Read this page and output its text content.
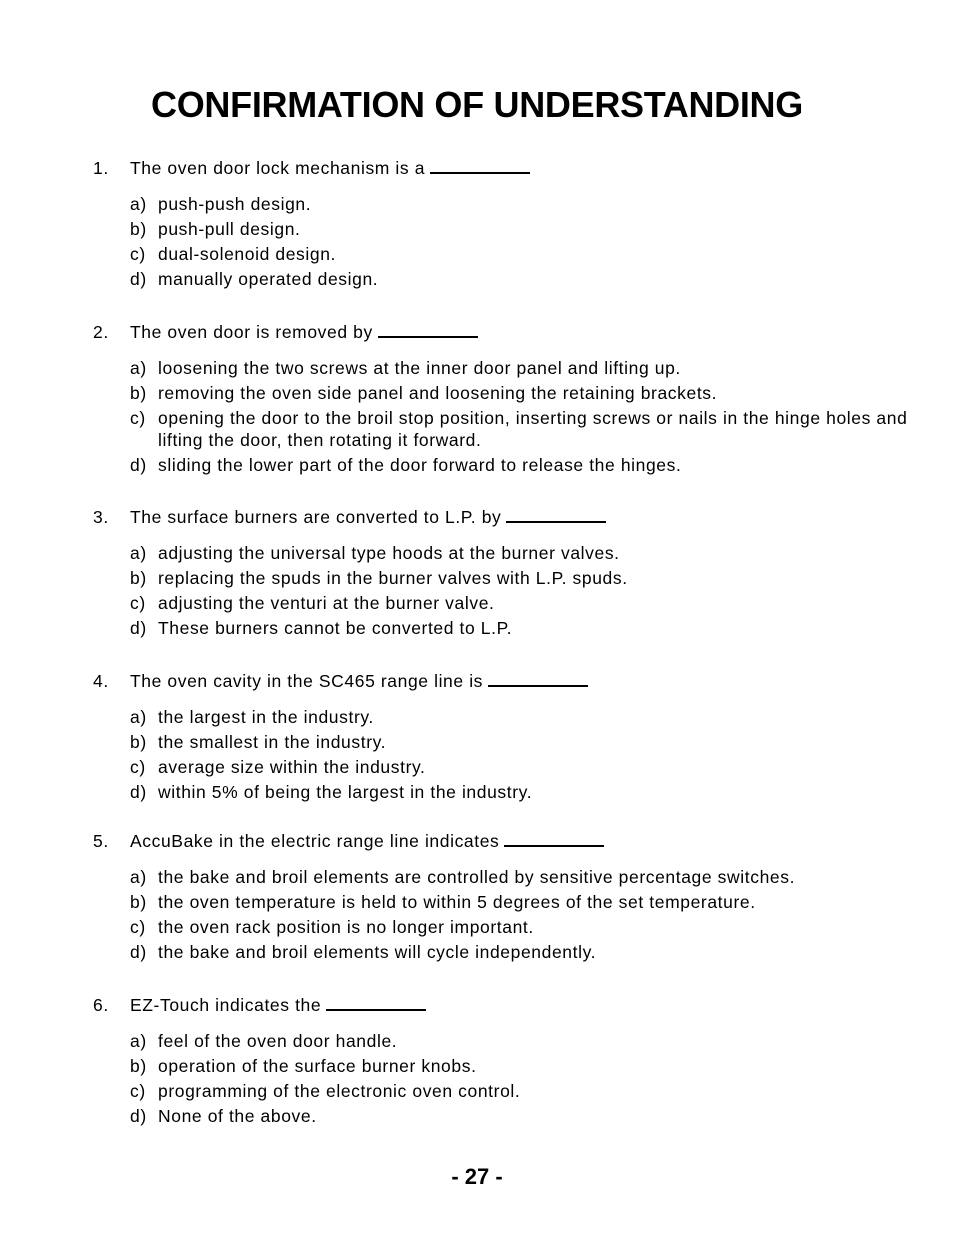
CONFIRMATION OF UNDERSTANDING
1. The oven door lock mechanism is a
a) push-push design.
b) push-pull design.
c) dual-solenoid design.
d) manually operated design.
2. The oven door is removed by
a) loosening the two screws at the inner door panel and lifting up.
b) removing the oven side panel and loosening the retaining brackets.
c) opening the door to the broil stop position, inserting screws or nails in the hinge holes and lifting the door, then rotating it forward.
d) sliding the lower part of the door forward to release the hinges.
3. The surface burners are converted to L.P. by
a) adjusting the universal type hoods at the burner valves.
b) replacing the spuds in the burner valves with L.P. spuds.
c) adjusting the venturi at the burner valve.
d) These burners cannot be converted to L.P.
4. The oven cavity in the SC465 range line is
a) the largest in the industry.
b) the smallest in the industry.
c) average size within the industry.
d) within 5% of being the largest in the industry.
5. AccuBake in the electric range line indicates
a) the bake and broil elements are controlled by sensitive percentage switches.
b) the oven temperature is held to within 5 degrees of the set temperature.
c) the oven rack position is no longer important.
d) the bake and broil elements will cycle independently.
6. EZ-Touch indicates the
a) feel of the oven door handle.
b) operation of the surface burner knobs.
c) programming of the electronic oven control.
d) None of the above.
- 27 -
